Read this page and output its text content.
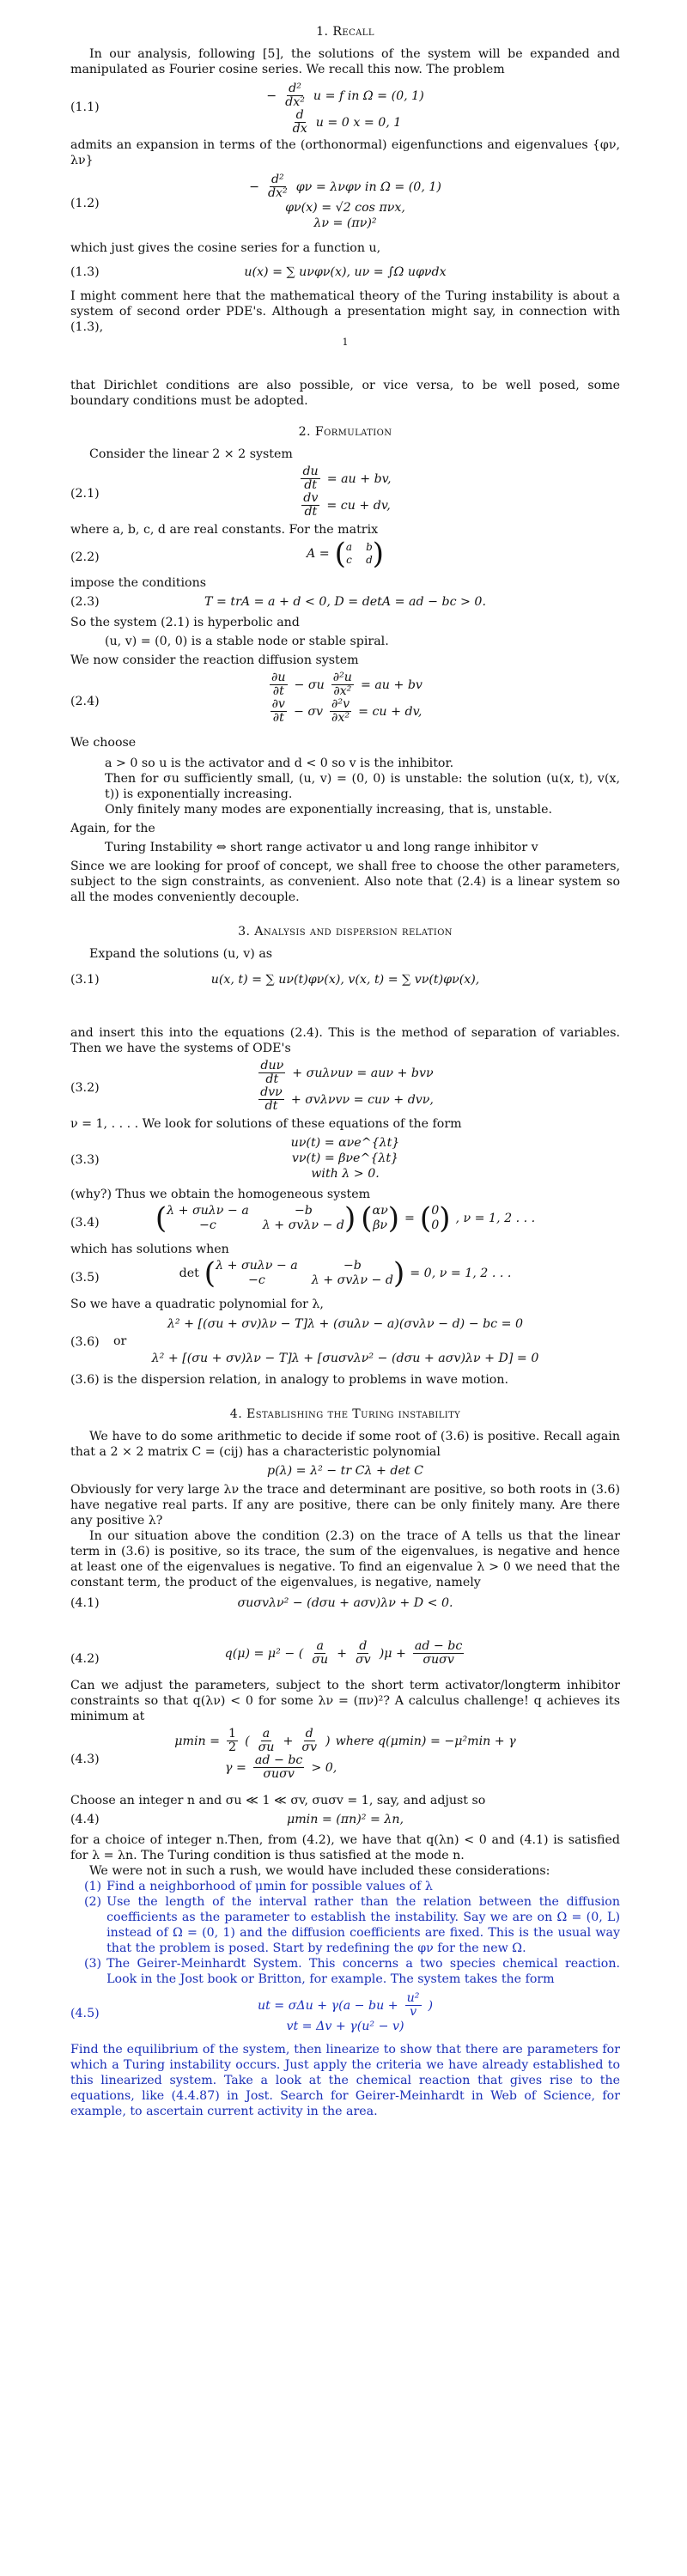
1. Recall

In our analysis, following [5], the solutions of the system will be expanded and manipulated as Fourier cosine series. We recall this now. The problem

(1.1)
− $\frac{\text{d²}}{\text{dx²}}$ u = f in Ω = (0, 1)
$\frac{d}{dx}$ u = 0 x = 0, 1

admits an expansion in terms of the (orthonormal) eigenfunctions and eigenvalues {φν, λν}

(1.2)
− $\frac{\text{d²}}{\text{dx²}}$ φν = λνφν in Ω = (0, 1)
φν(x) = √2 cos πνx,
λν = (πν)²

which just gives the cosine series for a function u,

(1.3)	u(x) = ∑ uνφν(x), uν = ∫Ω uφνdx

I might comment here that the mathematical theory of the Turing instability is about a system of second order PDE's. Although a presentation might say, in connection with (1.3),

1

that Dirichlet conditions are also possible, or vice versa, to be well posed, some boundary conditions must be adopted.

2. Formulation

Consider the linear 2 × 2 system

(2.1)
$\frac{du}{dt}$ = au + bv,
$\frac{dv}{dt}$ = cu + dv,

where a, b, c, d are real constants. For the matrix

(2.2)	A = ( a b
c d )

impose the conditions

(2.3)	T = trA = a + d < 0, D = detA = ad − bc > 0.

So the system (2.1) is hyperbolic and

(u, v) = (0, 0) is a stable node or stable spiral.

We now consider the reaction diffusion system

(2.4)
$\frac{\partial u}{\partial t} - \sigma u \frac{\text{∂²u}}{\text{∂x²}}$ = au + bv
$\frac{\partial v}{\partial t} - \sigma v \frac{\text{∂²v}}{\text{∂x²}}$ = cu + dv,

We choose

a > 0 so u is the activator and d < 0 so v is the inhibitor.

Then for σu sufficiently small, (u, v) = (0, 0) is unstable: the solution (u(x, t), v(x, t)) is exponentially increasing.

Only finitely many modes are exponentially increasing, that is, unstable.

Again, for the

Turing Instability ⇔ short range activator u and long range inhibitor v

Since we are looking for proof of concept, we shall free to choose the other parameters, subject to the sign constraints, as convenient. Also note that (2.4) is a linear system so all the modes conveniently decouple.

3. Analysis and dispersion relation

Expand the solutions (u, v) as

(3.1)	u(x, t) = ∑ uν(t)φν(x), v(x, t) = ∑ vν(t)φν(x),

and insert this into the equations (2.4). This is the method of separation of variables. Then we have the systems of ODE's

(3.2)
$\frac{\text{duν}}{dt} + \sigma u\lambda\nu u\nu = au\nu + bv\nu$
$\frac{\text{dvν}}{dt} + \sigma v\lambda\nu v\nu = cu\nu + dv\nu$,

ν = 1, . . . . We look for solutions of these equations of the form

(3.3)
uν(t) = ανe^{λt}
vν(t) = βνe^{λt}
with λ > 0.

(why?) Thus we obtain the homogeneous system

(3.4) ( λ + σuλν − a	−b
−c	λ + σvλν − d ) ( αν
βν ) = ( 0
0 ) , ν = 1, 2 . . .

which has solutions when

(3.5)	det ( λ + σuλν − a	−b
−c	λ + σvλν − d ) = 0, ν = 1, 2 . . .

So we have a quadratic polynomial for λ,

(3.6)
λ² + [(σu + σv)λν − T]λ + (σuλν − a)(σvλν − d) − bc = 0
or
λ² + [(σu + σv)λν − T]λ + [σuσvλν² − (dσu + aσv)λν + D] = 0

(3.6) is the dispersion relation, in analogy to problems in wave motion.

4. Establishing the Turing instability

We have to do some arithmetic to decide if some root of (3.6) is positive. Recall again that a 2 × 2 matrix C = (cij) has a characteristic polynomial

p(λ) = λ² − tr Cλ + det C

Obviously for very large λν the trace and determinant are positive, so both roots in (3.6) have negative real parts. If any are positive, there can be only finitely many. Are there any positive λ?

In our situation above the condition (2.3) on the trace of A tells us that the linear term in (3.6) is positive, so its trace, the sum of the eigenvalues, is negative and hence at least one of the eigenvalues is negative. To find an eigenvalue λ > 0 we need that the constant term, the product of the eigenvalues, is negative, namely

(4.1)	σuσvλν² − (dσu + aσv)λν + D < 0.
(4.2)	q(μ) = μ² − ( $\frac{a}{\sigma u} + \frac{d}{\sigma v} )\mu + \frac{ad - bc}{\text{σuσv}}$

Can we adjust the parameters, subject to the short term activator/longterm inhibitor constraints so that q(λν) < 0 for some λν = (πν)²? A calculus challenge! q achieves its minimum at

(4.3)
$\mu\min = \frac{1}{2}$ ( $\frac{a}{\sigma u} + \frac{d}{\sigma v}$ ) where q(μmin) = −μ²min + γ
$\gamma = \frac{ad - bc}{\text{σuσv}} > 0$,

Choose an integer n and σu ≪ 1 ≪ σv, σuσv = 1, say, and adjust so

(4.4)	μmin = (πn)² = λn,

for a choice of integer n.Then, from (4.2), we have that q(λn) < 0 and (4.1) is satisfied for λ = λn. The Turing condition is thus satisfied at the mode n.

We were not in such a rush, we would have included these considerations:

(1) Find a neighborhood of μmin for possible values of λ

(2) Use the length of the interval rather than the relation between the diffusion coefficients as the parameter to establish the instability. Say we are on Ω = (0, L) instead of Ω = (0, 1) and the diffusion coefficients are fixed. This is the usual way that the problem is posed. Start by redefining the φν for the new Ω.

(3) The Geirer-Meinhardt System. This concerns a two species chemical reaction. Look in the Jost book or Britton, for example. The system takes the form

(4.5)
ut = σΔu + γ(a − bu + $\frac{\text{u²}}{v}$ )
vt = Δv + γ(u² − v)

Find the equilibrium of the system, then linearize to show that there are parameters for which a Turing instability occurs. Just apply the criteria we have already established to this linearized system. Take a look at the chemical reaction that gives rise to the equations, like (4.4.87) in Jost. Search for Geirer-Meinhardt in Web of Science, for example, to ascertain current activity in the area.
